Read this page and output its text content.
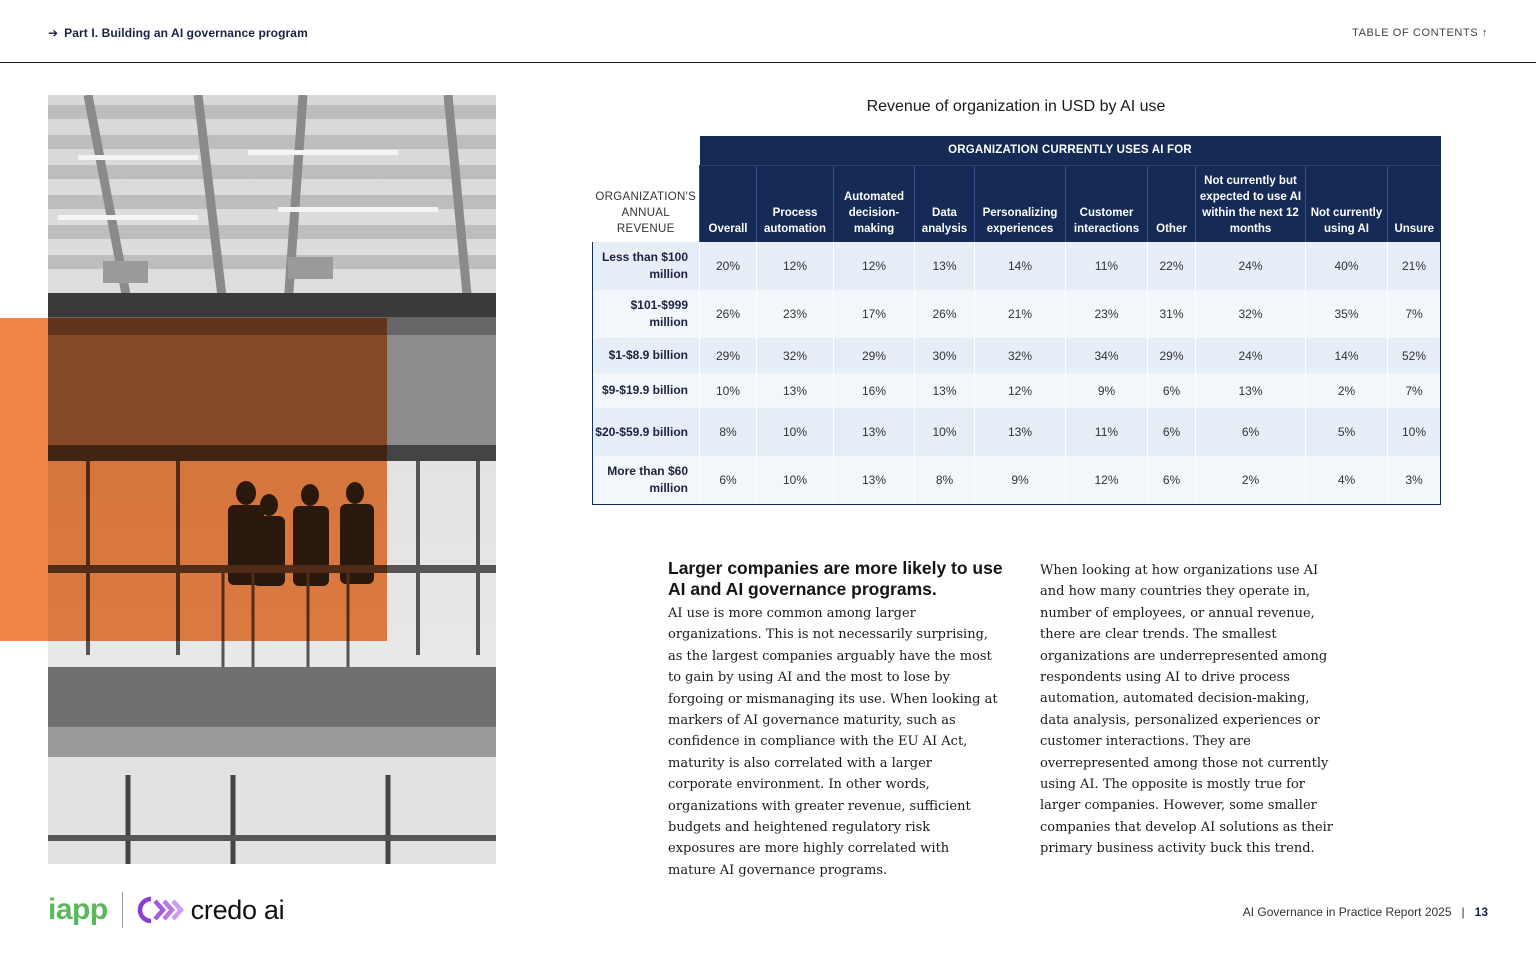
➔ Part I. Building an AI governance program	TABLE OF CONTENTS ↑
Revenue of organization in USD by AI use
	ORGANIZATION CURRENTLY USES AI FOR									
ORGANIZATION'S ANNUAL REVENUE	Overall	Process automation	Automated decision-making	Data analysis	Personalizing experiences	Customer interactions	Other	Not currently but expected to use AI within the next 12 months	Not currently using AI	Unsure
Less than $100 million	20%	12%	12%	13%	14%	11%	22%	24%	40%	21%
$101-$999 million	26%	23%	17%	26%	21%	23%	31%	32%	35%	7%
$1-$8.9 billion	29%	32%	29%	30%	32%	34%	29%	24%	14%	52%
$9-$19.9 billion	10%	13%	16%	13%	12%	9%	6%	13%	2%	7%
$20-$59.9 billion	8%	10%	13%	10%	13%	11%	6%	6%	5%	10%
More than $60 million	6%	10%	13%	8%	9%	12%	6%	2%	4%	3%
Larger companies are more likely to use AI and AI governance programs.
AI use is more common among larger organizations. This is not necessarily surprising, as the largest companies arguably have the most to gain by using AI and the most to lose by forgoing or mismanaging its use. When looking at markers of AI governance maturity, such as confidence in compliance with the EU AI Act, maturity is also correlated with a larger corporate environment. In other words, organizations with greater revenue, sufficient budgets and heightened regulatory risk exposures are more highly correlated with mature AI governance programs.
When looking at how organizations use AI and how many countries they operate in, number of employees, or annual revenue, there are clear trends. The smallest organizations are underrepresented among respondents using AI to drive process automation, automated decision-making, data analysis, personalized experiences or customer interactions. They are overrepresented among those not currently using AI. The opposite is mostly true for larger companies. However, some smaller companies that develop AI solutions as their primary business activity buck this trend.
iapp	credo ai	AI Governance in Practice Report 2025 | 13
